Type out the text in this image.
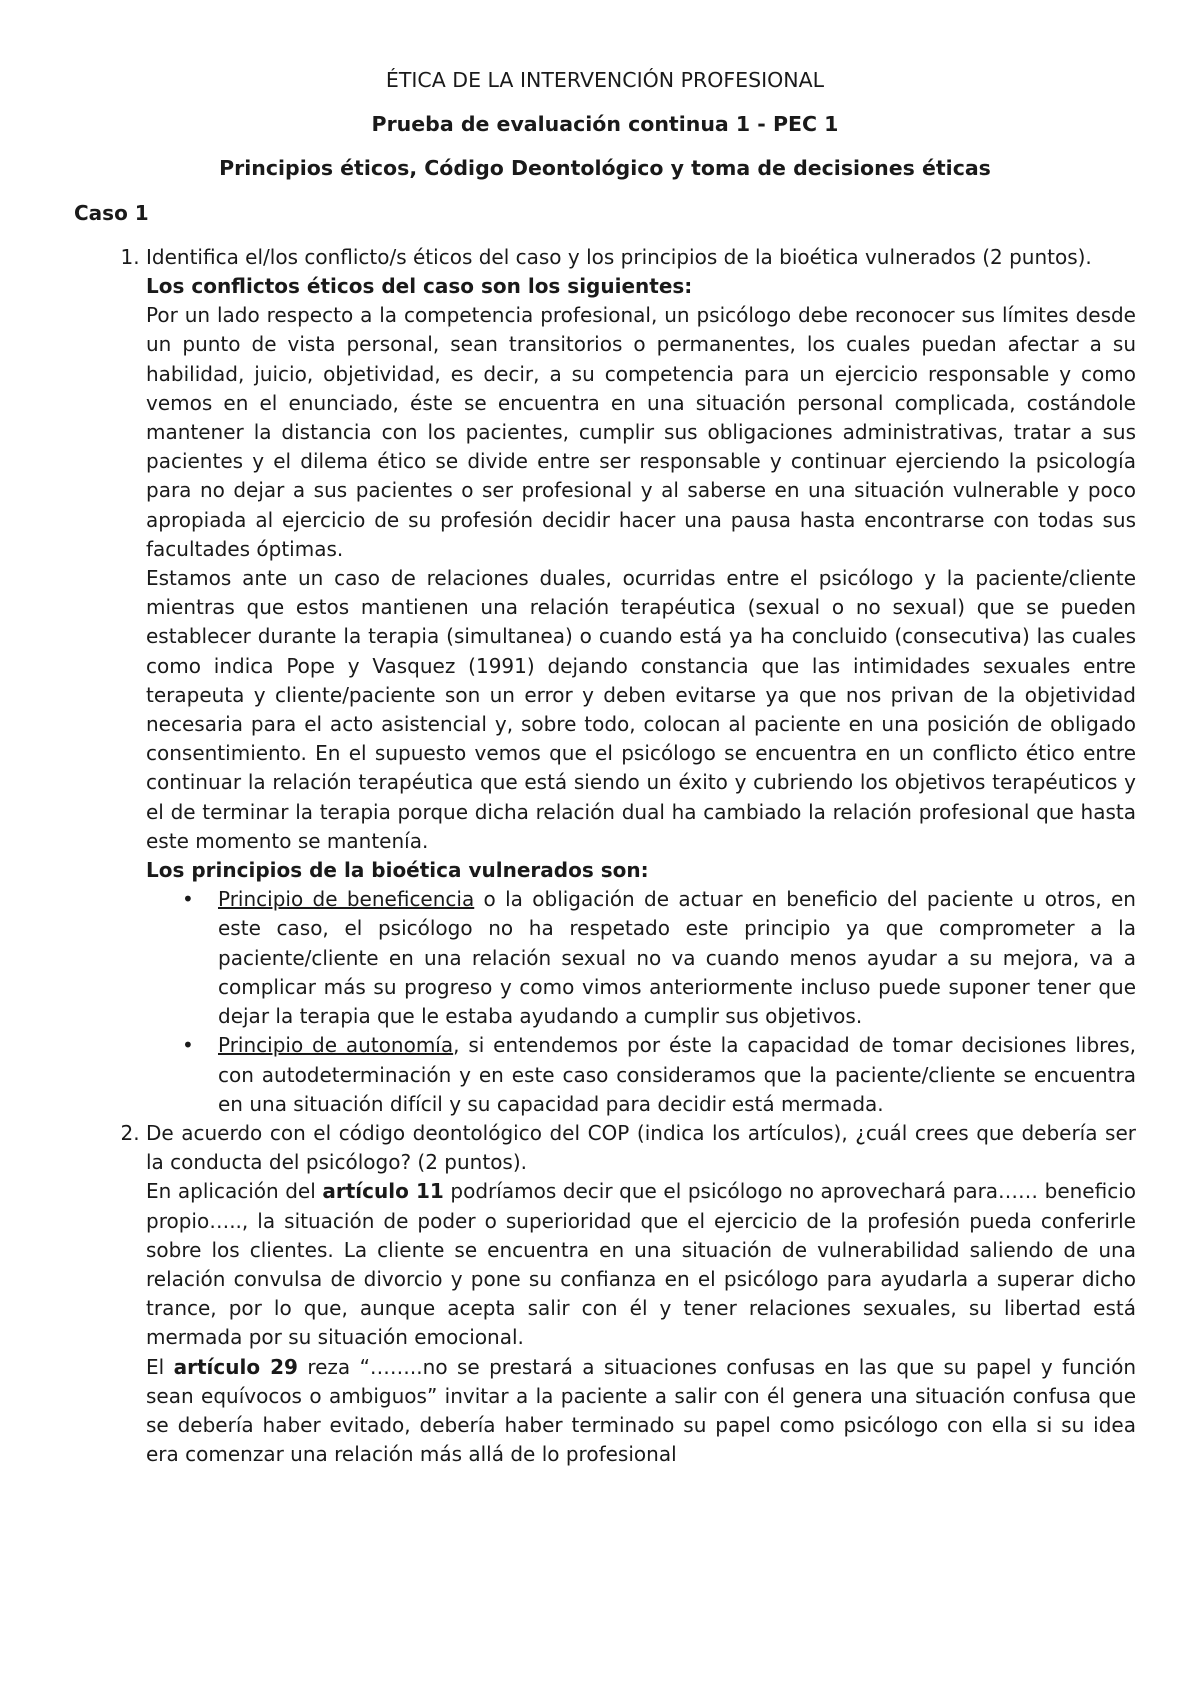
ÉTICA DE LA INTERVENCIÓN PROFESIONAL

Prueba de evaluación continua 1 - PEC 1

Principios éticos, Código Deontológico y toma de decisiones éticas

Caso 1

1. Identifica el/los conflicto/s éticos del caso y los principios de la bioética vulnerados (2 puntos).

Los conflictos éticos del caso son los siguientes:

Por un lado respecto a la competencia profesional, un psicólogo debe reconocer sus límites desde un punto de vista personal, sean transitorios o permanentes, los cuales puedan afectar a su habilidad, juicio, objetividad, es decir, a su competencia para un ejercicio responsable y como vemos en el enunciado, éste se encuentra en una situación personal complicada, costándole mantener la distancia con los pacientes, cumplir sus obligaciones administrativas, tratar a sus pacientes y el dilema ético se divide entre ser responsable y continuar ejerciendo la psicología para no dejar a sus pacientes o ser profesional y al saberse en una situación vulnerable y poco apropiada al ejercicio de su profesión decidir hacer una pausa hasta encontrarse con todas sus facultades óptimas.

Estamos ante un caso de relaciones duales, ocurridas entre el psicólogo y la paciente/cliente mientras que estos mantienen una relación terapéutica (sexual o no sexual) que se pueden establecer durante la terapia (simultanea) o cuando está ya ha concluido (consecutiva) las cuales como indica Pope y Vasquez (1991) dejando constancia que las intimidades sexuales entre terapeuta y cliente/paciente son un error y deben evitarse ya que nos privan de la objetividad necesaria para el acto asistencial y, sobre todo, colocan al paciente en una posición de obligado consentimiento. En el supuesto vemos que el psicólogo se encuentra en un conflicto ético entre continuar la relación terapéutica que está siendo un éxito y cubriendo los objetivos terapéuticos y el de terminar la terapia porque dicha relación dual ha cambiado la relación profesional que hasta este momento se mantenía.

Los principios de la bioética vulnerados son:

• Principio de beneficencia o la obligación de actuar en beneficio del paciente u otros, en este caso, el psicólogo no ha respetado este principio ya que comprometer a la paciente/cliente en una relación sexual no va cuando menos ayudar a su mejora, va a complicar más su progreso y como vimos anteriormente incluso puede suponer tener que dejar la terapia que le estaba ayudando a cumplir sus objetivos.
• Principio de autonomía, si entendemos por éste la capacidad de tomar decisiones libres, con autodeterminación y en este caso consideramos que la paciente/cliente se encuentra en una situación difícil y su capacidad para decidir está mermada.

2. De acuerdo con el código deontológico del COP (indica los artículos), ¿cuál crees que debería ser la conducta del psicólogo? (2 puntos).

En aplicación del artículo 11 podríamos decir que el psicólogo no aprovechará para…… beneficio propio….., la situación de poder o superioridad que el ejercicio de la profesión pueda conferirle sobre los clientes. La cliente se encuentra en una situación de vulnerabilidad saliendo de una relación convulsa de divorcio y pone su confianza en el psicólogo para ayudarla a superar dicho trance, por lo que, aunque acepta salir con él y tener relaciones sexuales, su libertad está mermada por su situación emocional.

El artículo 29 reza “……..no se prestará a situaciones confusas en las que su papel y función sean equívocos o ambiguos” invitar a la paciente a salir con él genera una situación confusa que se debería haber evitado, debería haber terminado su papel como psicólogo con ella si su idea era comenzar una relación más allá de lo profesional
